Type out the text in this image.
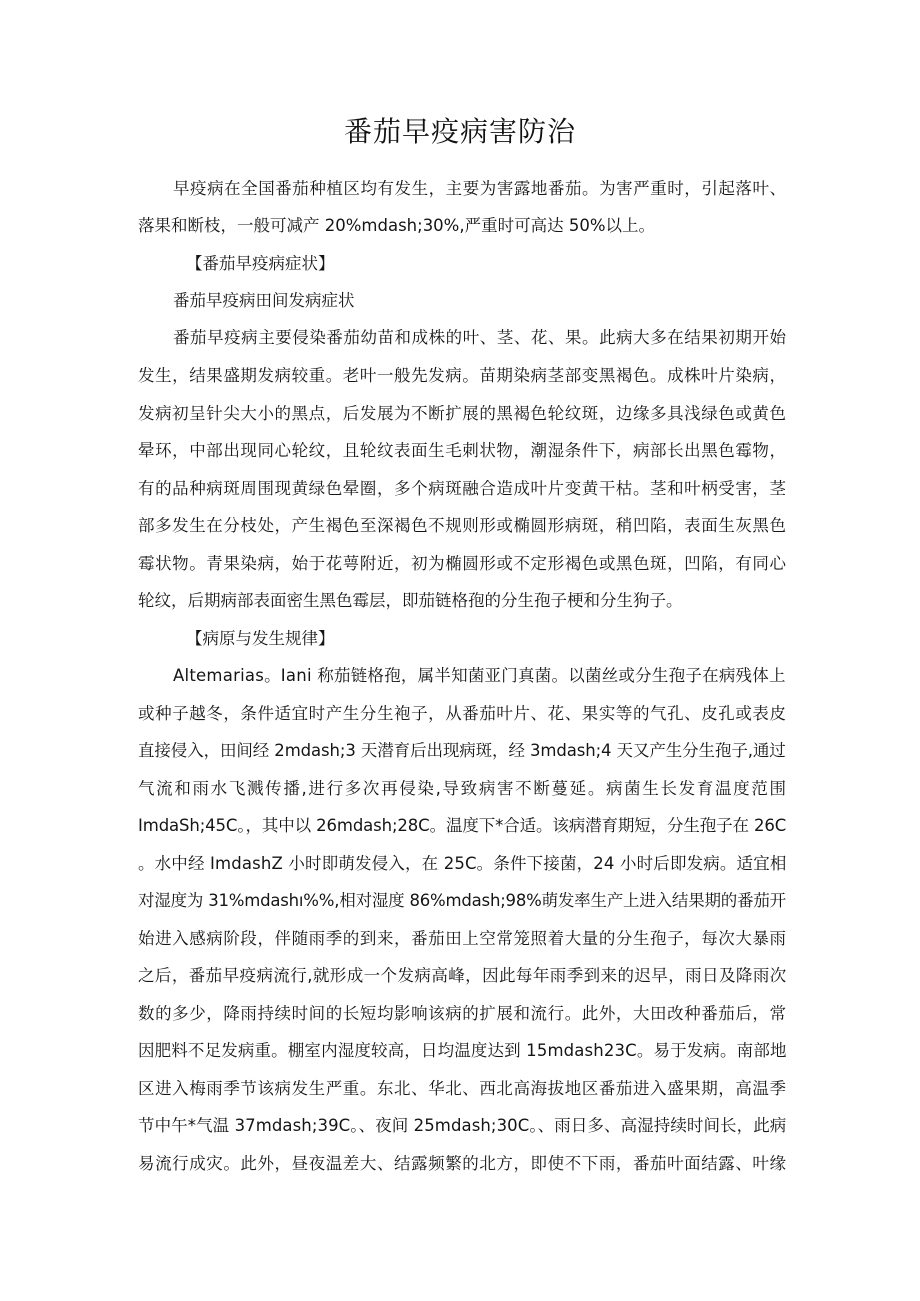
番茄早疫病害防治
早疫病在全国番茄种植区均有发生，主要为害露地番茄。为害严重时，引起落叶、
落果和断枝，一般可减产 20%mdash;30%,严重时可高达 50%以上。
【番茄早疫病症状】
番茄早疫病田间发病症状
番茄早疫病主要侵染番茄幼苗和成株的叶、茎、花、果。此病大多在结果初期开始
发生，结果盛期发病较重。老叶一般先发病。苗期染病茎部变黑褐色。成株叶片染病，
发病初呈针尖大小的黑点，后发展为不断扩展的黑褐色轮纹斑，边缘多具浅绿色或黄色
晕环，中部出现同心轮纹，且轮纹表面生毛刺状物，潮湿条件下，病部长出黑色霉物，
有的品种病斑周围现黄绿色晕圈，多个病斑融合造成叶片变黄干枯。茎和叶柄受害，茎
部多发生在分枝处，产生褐色至深褐色不规则形或椭圆形病斑，稍凹陷，表面生灰黑色
霉状物。青果染病，始于花萼附近，初为椭圆形或不定形褐色或黑色斑，凹陷，有同心
轮纹，后期病部表面密生黑色霉层，即茄链格孢的分生孢子梗和分生狗子。
【病原与发生规律】
Altemarias。Iani 称茄链格孢，属半知菌亚门真菌。以菌丝或分生孢子在病残体上
或种子越冬，条件适宜时产生分生袍子，从番茄叶片、花、果实等的气孔、皮孔或表皮
直接侵入，田间经 2mdash;3 天潜育后出现病斑，经 3mdash;4 天又产生分生孢子,通过
气流和雨水飞溅传播,进行多次再侵染,导致病害不断蔓延。病菌生长发育温度范围
ImdaSh;45C。，其中以 26mdash;28C。温度下*合适。该病潜育期短，分生孢子在 26C
。水中经 ImdashZ 小时即萌发侵入，在 25C。条件下接菌，24 小时后即发病。适宜相
对湿度为 31%mdashı%%,相对湿度 86%mdash;98%萌发率生产上进入结果期的番茄开
始进入感病阶段，伴随雨季的到来，番茄田上空常笼照着大量的分生孢子，每次大暴雨
之后，番茄早疫病流行,就形成一个发病高峰，因此每年雨季到来的迟早，雨日及降雨次
数的多少，降雨持续时间的长短均影响该病的扩展和流行。此外，大田改种番茄后，常
因肥料不足发病重。棚室内湿度较高，日均温度达到 15mdash23C。易于发病。南部地
区进入梅雨季节该病发生严重。东北、华北、西北高海拔地区番茄进入盛果期，高温季
节中午*气温 37mdash;39C。、夜间 25mdash;30C。、雨日多、高湿持续时间长，此病
易流行成灾。此外，昼夜温差大、结露频繁的北方，即使不下雨，番茄叶面结露、叶缘
